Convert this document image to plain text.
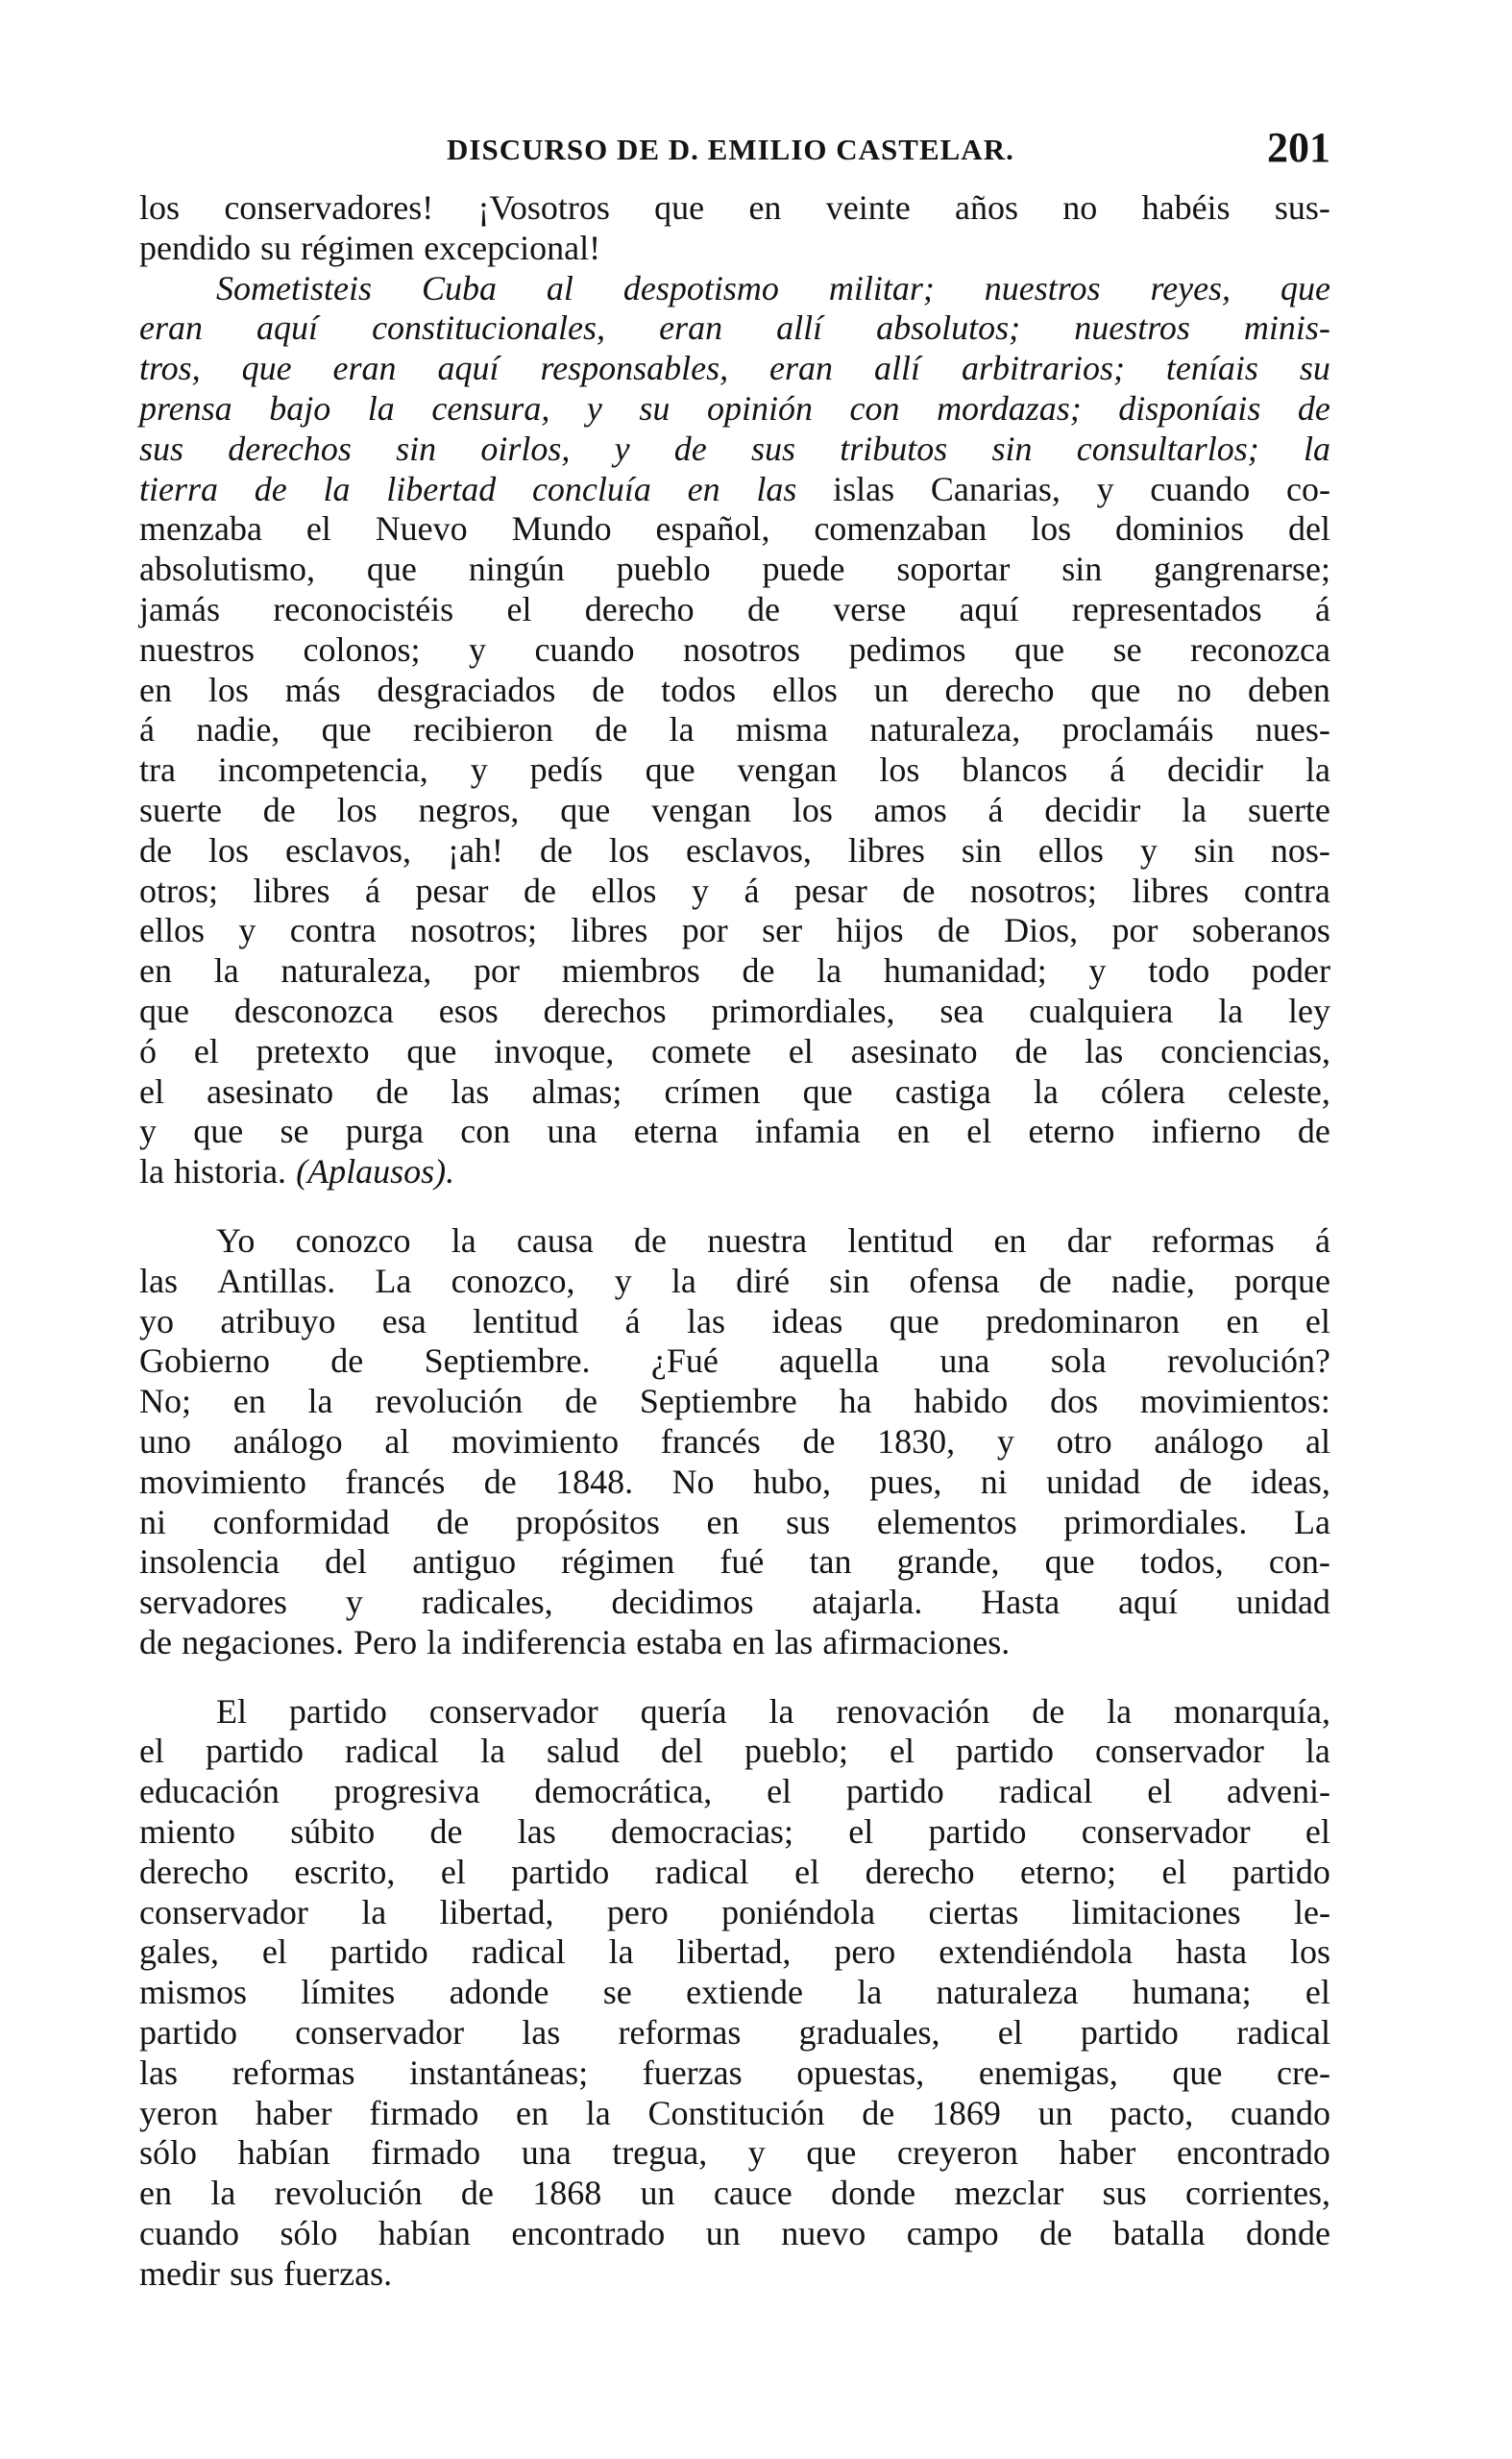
DISCURSO DE D. EMILIO CASTELAR.	201

los conservadores! ¡Vosotros que en veinte años no habéis sus-
pendido su régimen excepcional!

Sometisteis Cuba al despotismo militar; nuestros reyes, que
eran aquí constitucionales, eran allí absolutos; nuestros minis-
tros, que eran aquí responsables, eran allí arbitrarios; teníais su
prensa bajo la censura, y su opinión con mordazas; disponíais de
sus derechos sin oirlos, y de sus tributos sin consultarlos; la
tierra de la libertad concluía en las islas Canarias, y cuando co-
menzaba el Nuevo Mundo español, comenzaban los dominios del
absolutismo, que ningún pueblo puede soportar sin gangrenarse;
jamás reconocistéis el derecho de verse aquí representados á
nuestros colonos; y cuando nosotros pedimos que se reconozca
en los más desgraciados de todos ellos un derecho que no deben
á nadie, que recibieron de la misma naturaleza, proclamáis nues-
tra incompetencia, y pedís que vengan los blancos á decidir la
suerte de los negros, que vengan los amos á decidir la suerte
de los esclavos, ¡ah! de los esclavos, libres sin ellos y sin nos-
otros; libres á pesar de ellos y á pesar de nosotros; libres contra
ellos y contra nosotros; libres por ser hijos de Dios, por soberanos
en la naturaleza, por miembros de la humanidad; y todo poder
que desconozca esos derechos primordiales, sea cualquiera la ley
ó el pretexto que invoque, comete el asesinato de las conciencias,
el asesinato de las almas; crímen que castiga la cólera celeste,
y que se purga con una eterna infamia en el eterno infierno de
la historia. (Aplausos).

Yo conozco la causa de nuestra lentitud en dar reformas á
las Antillas. La conozco, y la diré sin ofensa de nadie, porque
yo atribuyo esa lentitud á las ideas que predominaron en el
Gobierno de Septiembre. ¿Fué aquella una sola revolución?
No; en la revolución de Septiembre ha habido dos movimientos:
uno análogo al movimiento francés de 1830, y otro análogo al
movimiento francés de 1848. No hubo, pues, ni unidad de ideas,
ni conformidad de propósitos en sus elementos primordiales. La
insolencia del antiguo régimen fué tan grande, que todos, con-
servadores y radicales, decidimos atajarla. Hasta aquí unidad
de negaciones. Pero la indiferencia estaba en las afirmaciones.

El partido conservador quería la renovación de la monarquía,
el partido radical la salud del pueblo; el partido conservador la
educación progresiva democrática, el partido radical el adveni-
miento súbito de las democracias; el partido conservador el
derecho escrito, el partido radical el derecho eterno; el partido
conservador la libertad, pero poniéndola ciertas limitaciones le-
gales, el partido radical la libertad, pero extendiéndola hasta los
mismos límites adonde se extiende la naturaleza humana; el
partido conservador las reformas graduales, el partido radical
las reformas instantáneas; fuerzas opuestas, enemigas, que cre-
yeron haber firmado en la Constitución de 1869 un pacto, cuando
sólo habían firmado una tregua, y que creyeron haber encontrado
en la revolución de 1868 un cauce donde mezclar sus corrientes,
cuando sólo habían encontrado un nuevo campo de batalla donde
medir sus fuerzas.
